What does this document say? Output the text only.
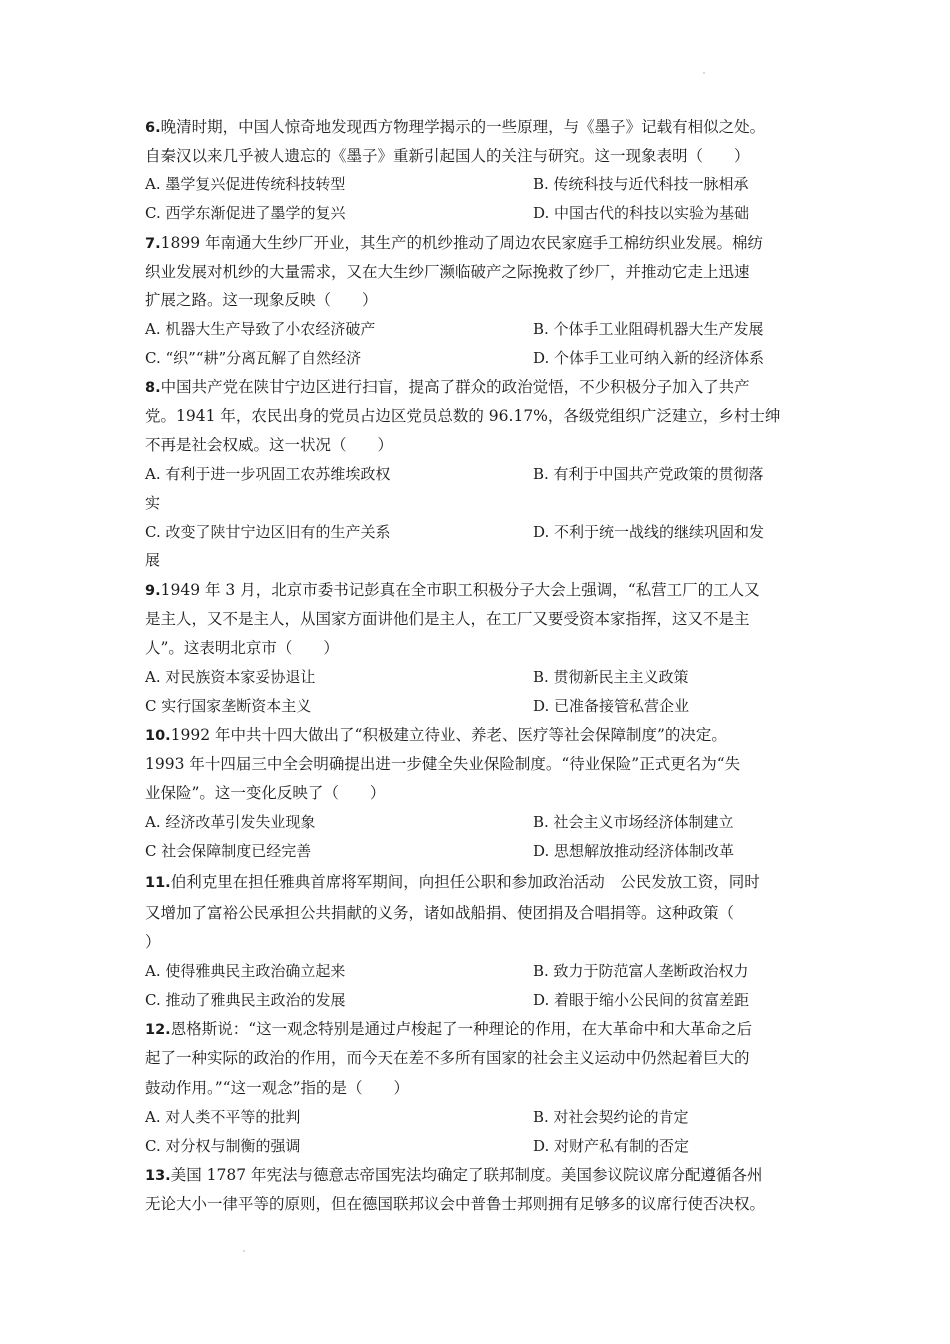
6.晚清时期，中国人惊奇地发现西方物理学揭示的一些原理，与《墨子》记载有相似之处。
自秦汉以来几乎被人遗忘的《墨子》重新引起国人的关注与研究。这一现象表明（　　）
A. 墨学复兴促进传统科技转型	B. 传统科技与近代科技一脉相承
C. 西学东渐促进了墨学的复兴	D. 中国古代的科技以实验为基础
7.1899 年南通大生纱厂开业，其生产的机纱推动了周边农民家庭手工棉纺织业发展。棉纺
织业发展对机纱的大量需求，又在大生纱厂濒临破产之际挽救了纱厂，并推动它走上迅速
扩展之路。这一现象反映（　　）
A. 机器大生产导致了小农经济破产	B. 个体手工业阻碍机器大生产发展
C. “织”“耕”分离瓦解了自然经济	D. 个体手工业可纳入新的经济体系
8.中国共产党在陕甘宁边区进行扫盲，提高了群众的政治觉悟，不少积极分子加入了共产
党。1941 年，农民出身的党员占边区党员总数的 96.17%，各级党组织广泛建立，乡村士绅
不再是社会权威。这一状况（　　）
A. 有利于进一步巩固工农苏维埃政权	B. 有利于中国共产党政策的贯彻落
实
C. 改变了陕甘宁边区旧有的生产关系	D. 不利于统一战线的继续巩固和发
展
9.1949 年 3 月，北京市委书记彭真在全市职工积极分子大会上强调，“私营工厂的工人又
是主人，又不是主人，从国家方面讲他们是主人，在工厂又要受资本家指挥，这又不是主
人”。这表明北京市（　　）
A. 对民族资本家妥协退让	B. 贯彻新民主主义政策
C 实行国家垄断资本主义	D. 已准备接管私营企业
10.1992 年中共十四大做出了“积极建立待业、养老、医疗等社会保障制度”的决定。
1993 年十四届三中全会明确提出进一步健全失业保险制度。“待业保险”正式更名为“失
业保险”。这一变化反映了（　　）
A. 经济改革引发失业现象	B. 社会主义市场经济体制建立
C 社会保障制度已经完善	D. 思想解放推动经济体制改革
11.伯利克里在担任雅典首席将军期间，向担任公职和参加政治活动　公民发放工资，同时
又增加了富裕公民承担公共捐献的义务，诸如战船捐、使团捐及合唱捐等。这种政策（
）
A. 使得雅典民主政治确立起来	B. 致力于防范富人垄断政治权力
C. 推动了雅典民主政治的发展	D. 着眼于缩小公民间的贫富差距
12.恩格斯说：“这一观念特别是通过卢梭起了一种理论的作用，在大革命中和大革命之后
起了一种实际的政治的作用，而今天在差不多所有国家的社会主义运动中仍然起着巨大的
鼓动作用。”“这一观念”指的是（　　）
A. 对人类不平等的批判	B. 对社会契约论的肯定
C. 对分权与制衡的强调	D. 对财产私有制的否定
13.美国 1787 年宪法与德意志帝国宪法均确定了联邦制度。美国参议院议席分配遵循各州
无论大小一律平等的原则，但在德国联邦议会中普鲁士邦则拥有足够多的议席行使否决权。
